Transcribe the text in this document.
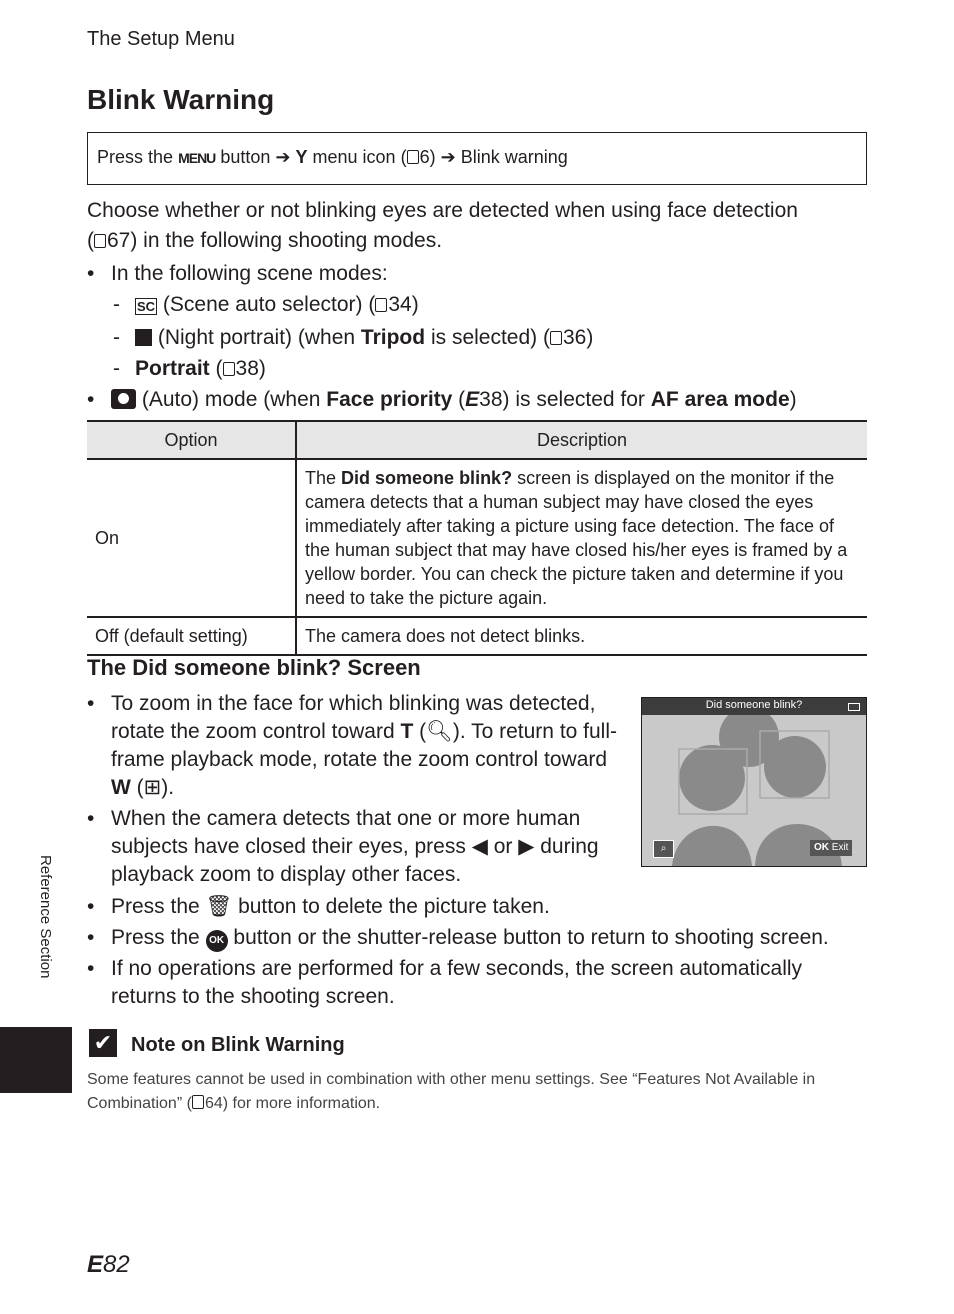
The Setup Menu
Blink Warning
Press the MENU button ➔ Y menu icon ( 6) ➔ Blink warning
Choose whether or not blinking eyes are detected when using face detection
( 67) in the following shooting modes.
• In the following scene modes:
- SC (Scene auto selector) ( 34)
- (Night portrait) (when Tripod is selected) ( 36)
- Portrait ( 38)
• (Auto) mode (when Face priority (E38) is selected for AF area mode)
Option	Description
On	The Did someone blink? screen is displayed on the monitor if the camera detects that a human subject may have closed the eyes immediately after taking a picture using face detection. The face of the human subject that may have closed his/her eyes is framed by a yellow border. You can check the picture taken and determine if you need to take the picture again.
Off (default setting)	The camera does not detect blinks.
The Did someone blink? Screen
• To zoom in the face for which blinking was detected, rotate the zoom control toward T (🔍︎). To return to full-frame playback mode, rotate the zoom control toward W (⊞).
• When the camera detects that one or more human subjects have closed their eyes, press ◀ or ▶ during playback zoom to display other faces.
• Press the 🗑︎ button to delete the picture taken.
• Press the OK button or the shutter-release button to return to shooting screen.
• If no operations are performed for a few seconds, the screen automatically returns to the shooting screen.
Did someone blink?
⌕	OK Exit
✔ Note on Blink Warning
Some features cannot be used in combination with other menu settings. See “Features Not Available in Combination” ( 64) for more information.
Reference Section
E82
